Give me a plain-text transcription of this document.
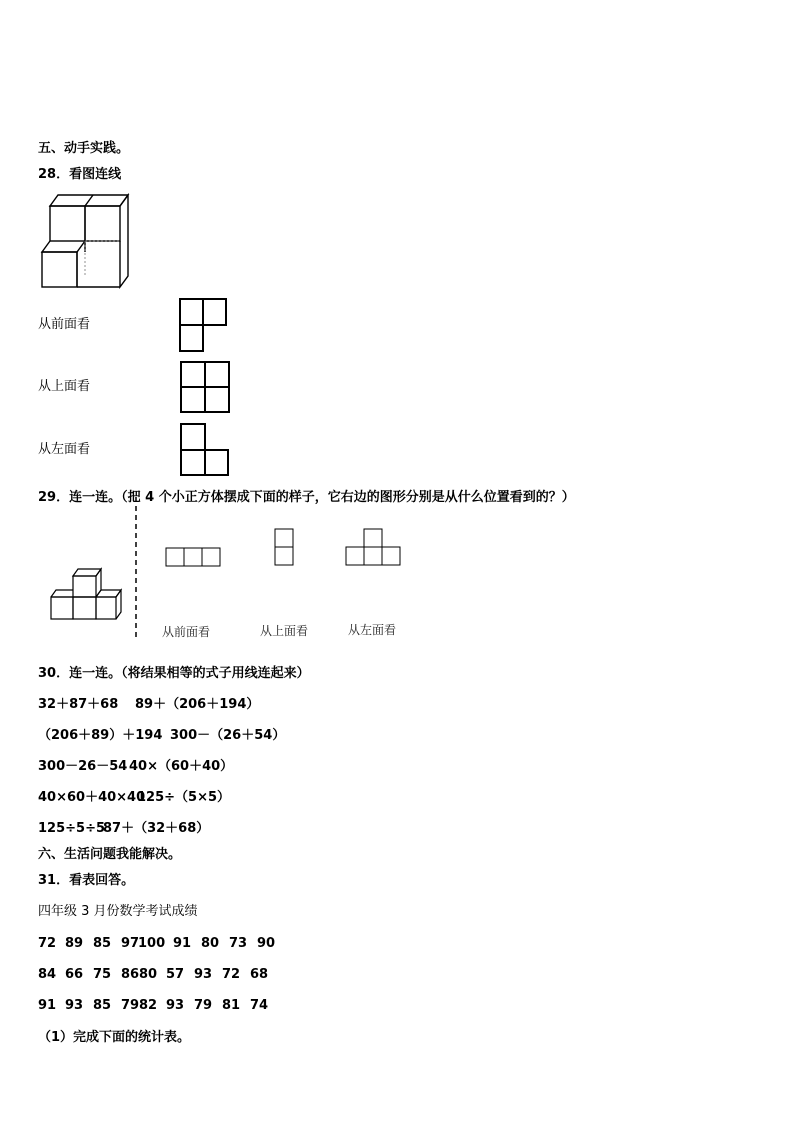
五、动手实践。
28．看图连线
从前面看
从上面看
从左面看
29．连一连。（把 4 个小正方体摆成下面的样子，它右边的图形分别是从什么位置看到的？）
从前面看	从上面看	从左面看
30．连一连。（将结果相等的式子用线连起来）
32＋87＋68 89＋（206＋194）
（206＋89）＋194 300－（26＋54）
300－26－54 40×（60＋40）
40×60＋40×40
125÷（5×5）
125÷5÷5
87＋（32＋68）
六、生活问题我能解决。
31．看表回答。
四年级 3 月份数学考试成绩
72 89 85 97
100 91 80 73 90
84 66 75 86 80 57 93 72 68
91 93 85 79 82 93 79 81 74
（1）完成下面的统计表。
